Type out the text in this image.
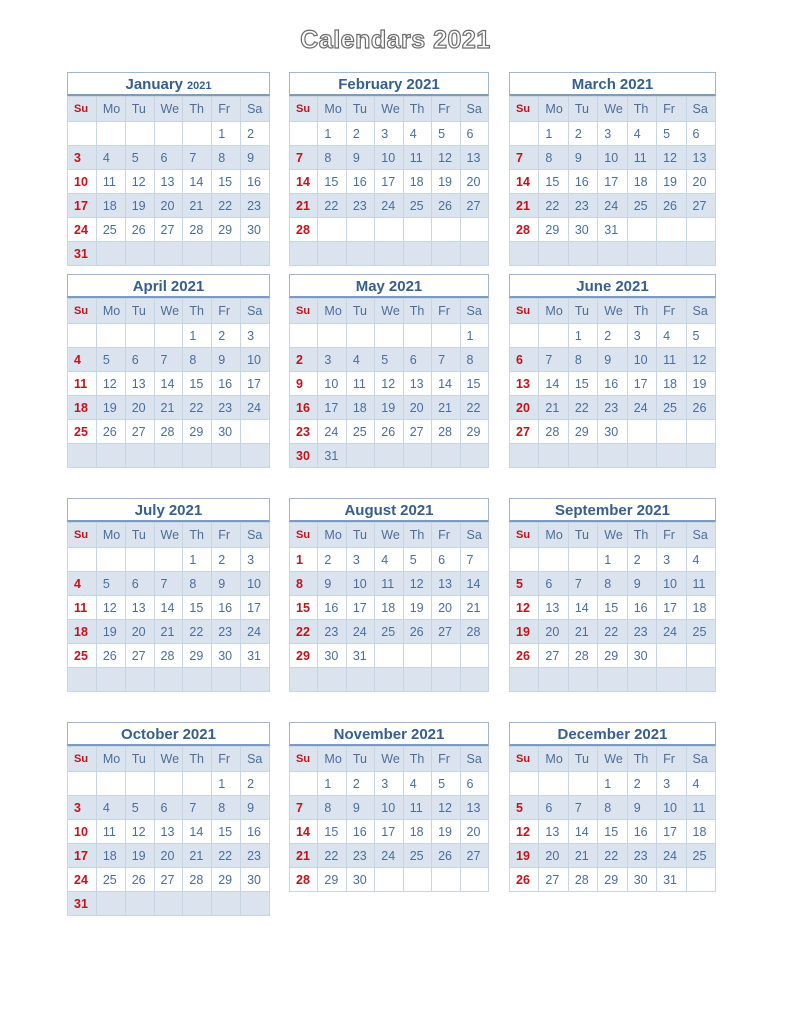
Calendars 2021
January 2021
Su	Mo	Tu	We	Th	Fr	Sa
					1	2
3	4	5	6	7	8	9
10	11	12	13	14	15	16
17	18	19	20	21	22	23
24	25	26	27	28	29	30
31						
February 2021
Su	Mo	Tu	We	Th	Fr	Sa
	1	2	3	4	5	6
7	8	9	10	11	12	13
14	15	16	17	18	19	20
21	22	23	24	25	26	27
28						

March 2021
Su	Mo	Tu	We	Th	Fr	Sa
	1	2	3	4	5	6
7	8	9	10	11	12	13
14	15	16	17	18	19	20
21	22	23	24	25	26	27
28	29	30	31			

April 2021
Su	Mo	Tu	We	Th	Fr	Sa
				1	2	3
4	5	6	7	8	9	10
11	12	13	14	15	16	17
18	19	20	21	22	23	24
25	26	27	28	29	30	

May 2021
Su	Mo	Tu	We	Th	Fr	Sa
						1
2	3	4	5	6	7	8
9	10	11	12	13	14	15
16	17	18	19	20	21	22
23	24	25	26	27	28	29
30	31					
June 2021
Su	Mo	Tu	We	Th	Fr	Sa
		1	2	3	4	5
6	7	8	9	10	11	12
13	14	15	16	17	18	19
20	21	22	23	24	25	26
27	28	29	30			

July 2021
Su	Mo	Tu	We	Th	Fr	Sa
				1	2	3
4	5	6	7	8	9	10
11	12	13	14	15	16	17
18	19	20	21	22	23	24
25	26	27	28	29	30	31

August 2021
Su	Mo	Tu	We	Th	Fr	Sa
1	2	3	4	5	6	7
8	9	10	11	12	13	14
15	16	17	18	19	20	21
22	23	24	25	26	27	28
29	30	31				

September 2021
Su	Mo	Tu	We	Th	Fr	Sa
			1	2	3	4
5	6	7	8	9	10	11
12	13	14	15	16	17	18
19	20	21	22	23	24	25
26	27	28	29	30		

October 2021
Su	Mo	Tu	We	Th	Fr	Sa
					1	2
3	4	5	6	7	8	9
10	11	12	13	14	15	16
17	18	19	20	21	22	23
24	25	26	27	28	29	30
31						
November 2021
Su	Mo	Tu	We	Th	Fr	Sa
	1	2	3	4	5	6
7	8	9	10	11	12	13
14	15	16	17	18	19	20
21	22	23	24	25	26	27
28	29	30				
December 2021
Su	Mo	Tu	We	Th	Fr	Sa
			1	2	3	4
5	6	7	8	9	10	11
12	13	14	15	16	17	18
19	20	21	22	23	24	25
26	27	28	29	30	31	
